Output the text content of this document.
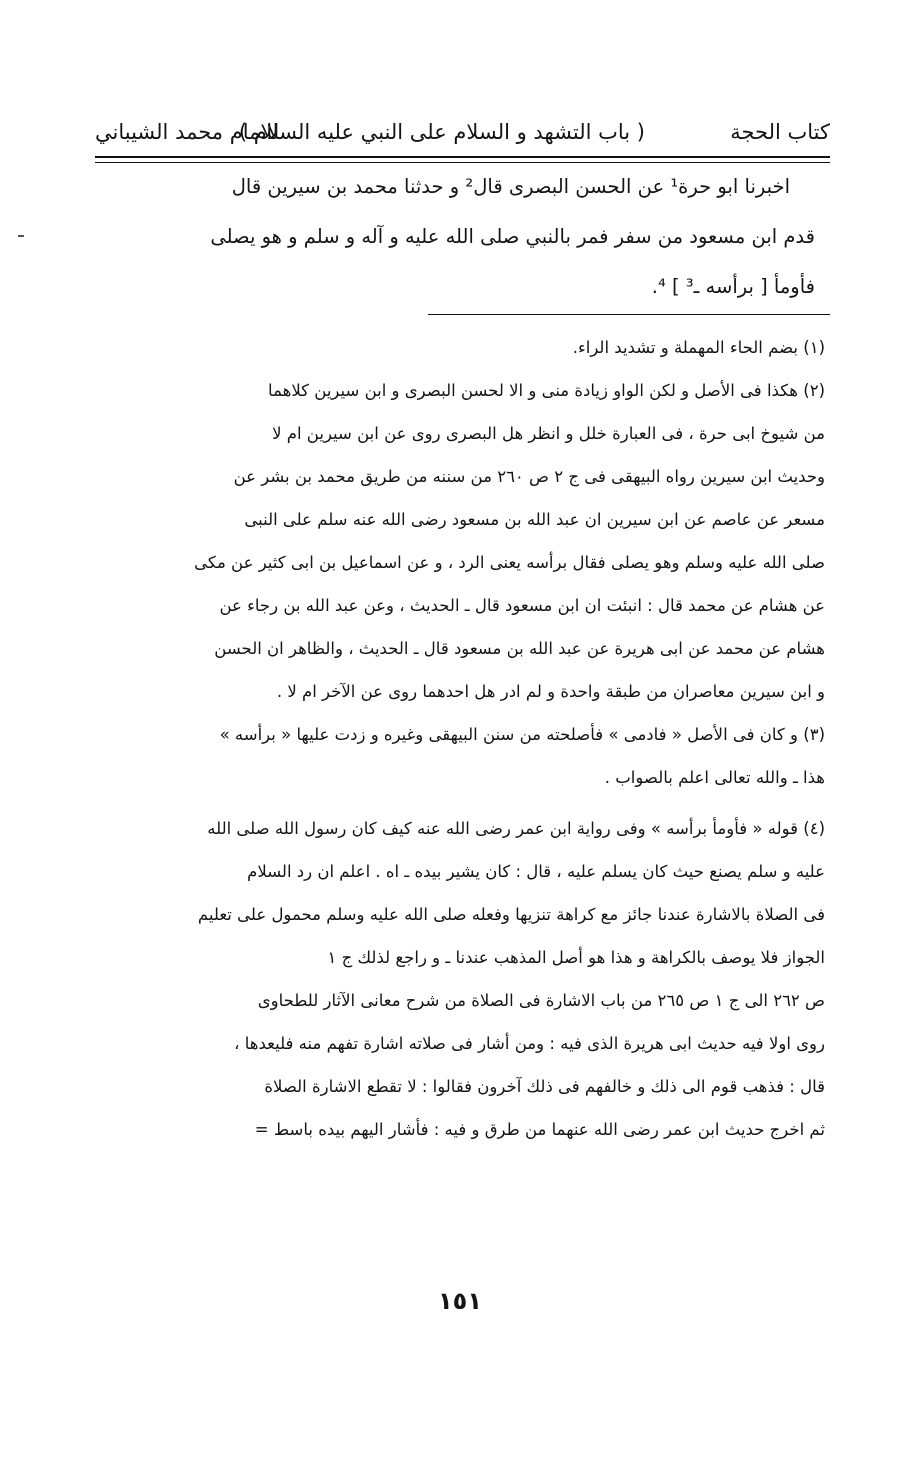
كتاب الحجة
( باب التشهد و السلام على النبي عليه السلام )
للامام محمد الشيباني
اخبرنا ابو حرة¹ عن الحسن البصرى قال² و حدثنا محمد بن سيرين قال
قدم ابن مسعود من سفر فمر بالنبي صلى الله عليه و آله و سلم و هو يصلى
فأومأ [ برأسه ـ³ ] ⁴.
(١) بضم الحاء المهملة و تشديد الراء.
(٢) هكذا فى الأصل و لكن الواو زيادة منى و الا لحسن البصرى و ابن سيرين كلاهما
من شيوخ ابى حرة ، فى العبارة خلل و انظر هل البصرى روى عن ابن سيرين ام لا
وحديث ابن سيرين رواه البيهقى فى ج ٢ ص ٢٦٠ من سننه من طريق محمد بن بشر عن
مسعر عن عاصم عن ابن سيرين ان عبد الله بن مسعود رضى الله عنه سلم على النبى
صلى الله عليه وسلم وهو يصلى فقال برأسه يعنى الرد ، و عن اسماعيل بن ابى كثير عن مكى
عن هشام عن محمد قال : انبئت ان ابن مسعود قال ـ الحديث ، وعن عبد الله بن رجاء عن
هشام عن محمد عن ابى هريرة عن عبد الله بن مسعود قال ـ الحديث ، والظاهر ان الحسن
و ابن سيرين معاصران من طبقة واحدة و لم ادر هل احدهما روى عن الآخر ام لا .
(٣) و كان فى الأصل « فادمى » فأصلحته من سنن البيهقى وغيره و زدت عليها « برأسه »
هذا ـ والله تعالى اعلم بالصواب .
(٤) قوله « فأومأ برأسه » وفى رواية ابن عمر رضى الله عنه كيف كان رسول الله صلى الله
عليه و سلم يصنع حيث كان يسلم عليه ، قال : كان يشير بيده ـ اه . اعلم ان رد السلام
فى الصلاة بالاشارة عندنا جائز مع كراهة تنزيها وفعله صلى الله عليه وسلم محمول على تعليم
الجواز فلا يوصف بالكراهة و هذا هو أصل المذهب عندنا ـ و راجع لذلك ج ١
ص ٢٦٢ الى ج ١ ص ٢٦٥ من باب الاشارة فى الصلاة من شرح معانى الآثار للطحاوى
روى اولا فيه حديث ابى هريرة الذى فيه : ومن أشار فى صلاته اشارة تفهم منه فليعدها ،
قال : فذهب قوم الى ذلك و خالفهم فى ذلك آخرون فقالوا : لا تقطع الاشارة الصلاة
ثم اخرج حديث ابن عمر رضى الله عنهما من طرق و فيه : فأشار اليهم بيده باسط =
١٥١
